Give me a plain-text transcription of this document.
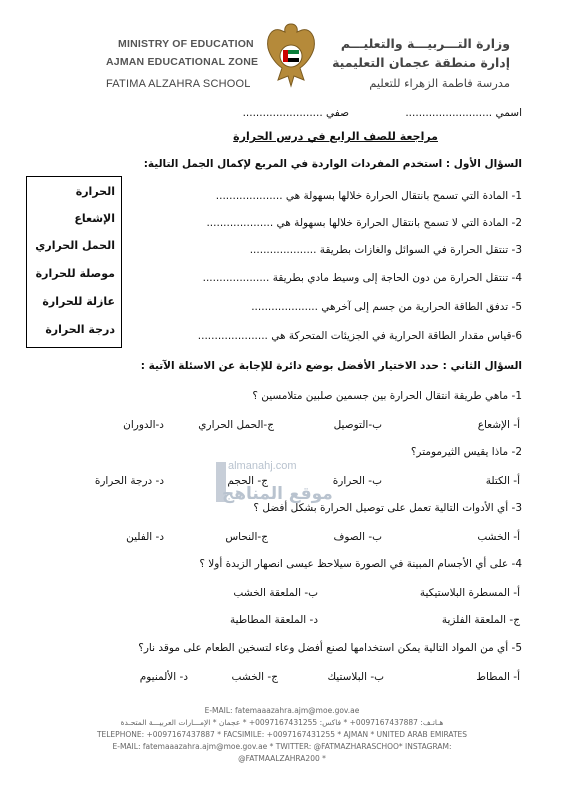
MINISTRY OF EDUCATION
AJMAN EDUCATIONAL ZONE
FATIMA ALZAHRA SCHOOL
وزارة التـــربيـــة والتعليـــم
إدارة منطقة عجمان التعليمية
مدرسة فاطمة الزهراء للتعليم
اسمي ..........................
صفي ........................
مراجعة للصف الرابع في درس الحرارة
السؤال الأول : استخدم المفردات الواردة في المربع لإكمال الجمل التالية:
1- المادة التي تسمح بانتقال الحرارة خلالها بسهولة هي ....................
2- المادة التي لا تسمح بانتقال الحرارة خلالها بسهولة هي ....................
3- تنتقل الحرارة في السوائل والغازات بطريقة ....................
4- تنتقل الحرارة من دون الحاجة إلى وسيط مادي بطريقة ....................
5- تدفق الطاقة الحرارية من جسم إلى آخرهي ....................
6-قياس مقدار الطاقة الحرارية في الجزيئات المتحركة هي .....................
الحرارة
الإشعاع
الحمل الحراري
موصلة للحرارة
عازلة للحرارة
درجة الحرارة
السؤال الثاني : حدد الاختيار الأفضل بوضع دائرة للإجابة عن الاسئلة الآتية :
1- ماهي طريقة انتقال الحرارة بين جسمين صلبين متلامسين ؟
أ- الإشعاع
ب-التوصيل
ج-الحمل الحراري
د-الدوران
2- ماذا يقيس الثيرمومتر؟
أ- الكتلة
ب- الحرارة
ج- الحجم
د- درجة الحرارة
3- أي الأدوات التالية تعمل على توصيل الحرارة بشكل أفضل ؟
أ- الخشب
ب- الصوف
ج-النحاس
د- الفلين
4- على أي الأجسام المبينة في الصورة سيلاحظ عيسى انصهار الزبدة أولا ؟
أ- المسطرة البلاستيكية
ب- الملعقة الخشب
ج- الملعقة الفلزية
د- الملعقة المطاطية
5- أي من المواد التالية يمكن استخدامها لصنع أفضل وعاء لتسخين الطعام على موقد نار؟
أ- المطاط
ب- البلاستيك
ج- الخشب
د- الألمنيوم
almanahj.com
موقع المناهج
E-MAIL: fatemaaazahra.ajm@moe.gov.ae
هـاتـف: 0097167437887+ * فاكس: 0097167431255+ * عجمان * الإمـــارات العربيـــة المتحـدة
TELEPHONE: +0097167437887 * FACSIMILE: +0097167431255 * AJMAN * UNITED ARAB EMIRATES
E-MAIL: fatemaaazahra.ajm@moe.gov.ae * TWITTER: @FATMAZHARASCHOO* INSTAGRAM:
@FATMAALZAHRA200 *
